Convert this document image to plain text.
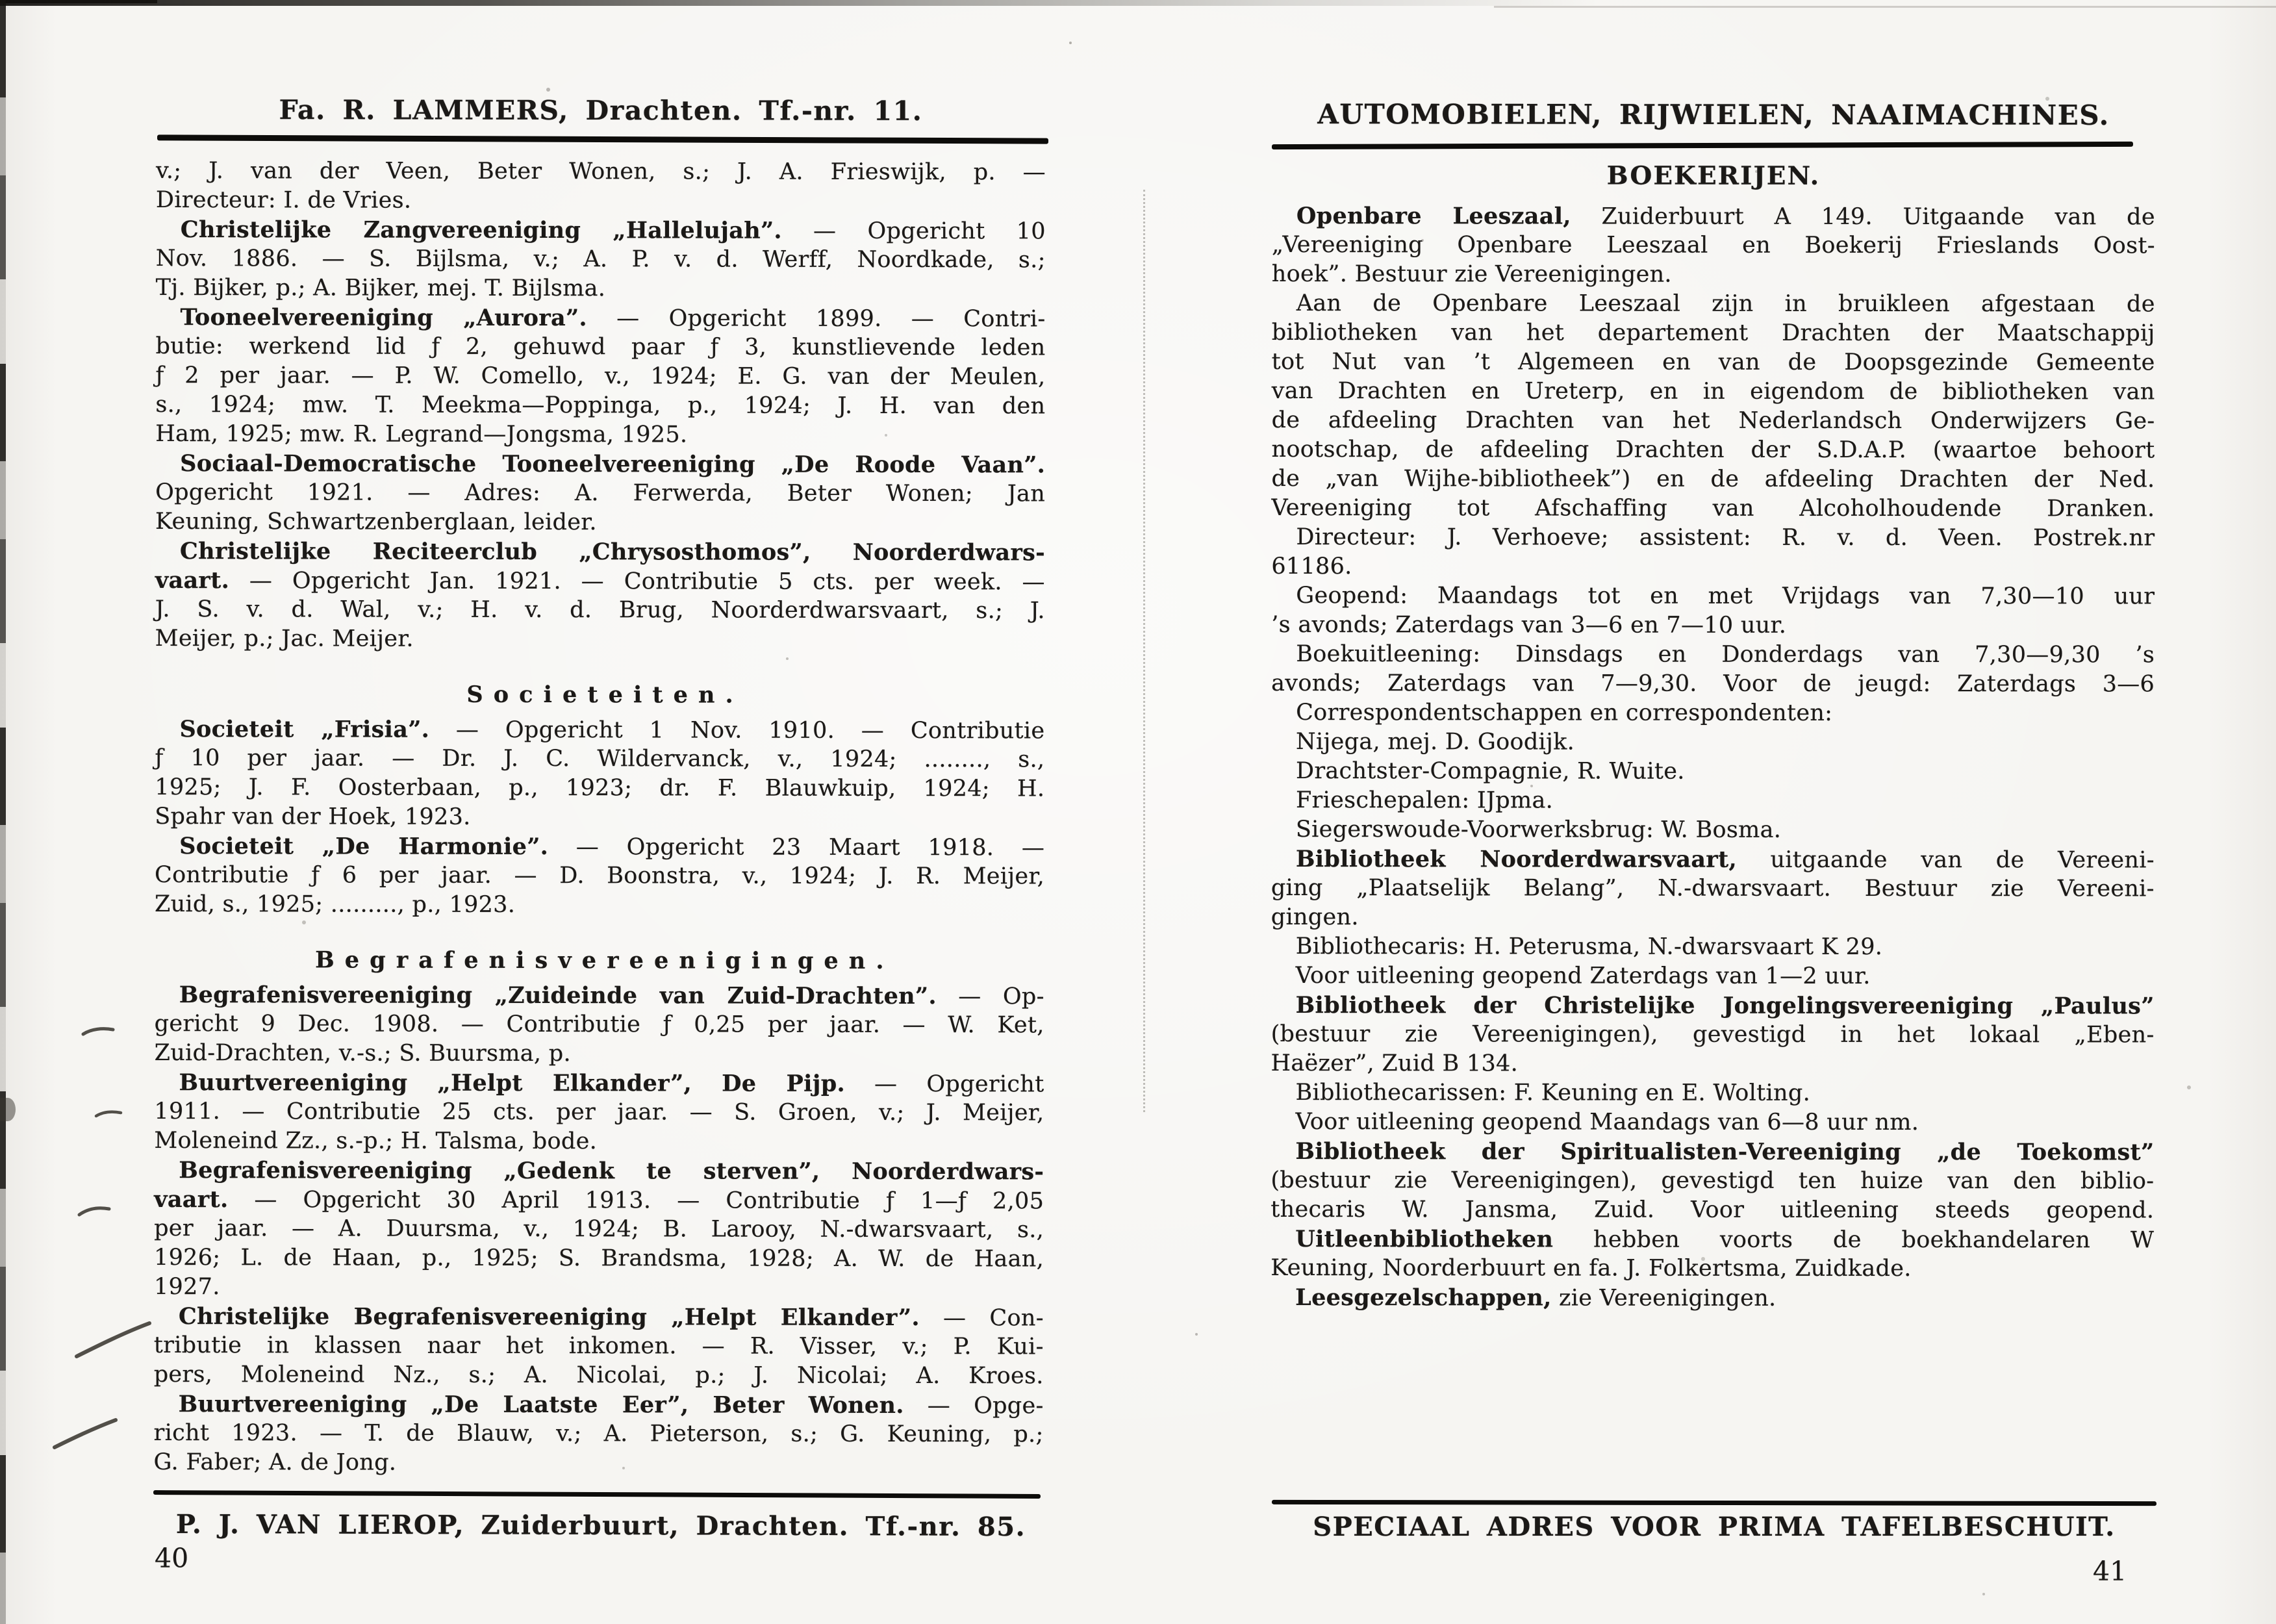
Fa. R. LAMMERS, Drachten. Tf.-nr. 11.
v.; J. van der Veen, Beter Wonen, s.; J. A. Frieswijk, p. —
Directeur: I. de Vries.
Christelijke Zangvereeniging „Hallelujah”. — Opgericht 10
Nov. 1886. — S. Bijlsma, v.; A. P. v. d. Werff, Noordkade, s.;
Tj. Bijker, p.; A. Bijker, mej. T. Bijlsma.
Tooneelvereeniging „Aurora”. — Opgericht 1899. — Contri-
butie: werkend lid ƒ 2, gehuwd paar ƒ 3, kunstlievende leden
ƒ 2 per jaar. — P. W. Comello, v., 1924; E. G. van der Meulen,
s., 1924; mw. T. Meekma—Poppinga, p., 1924; J. H. van den
Ham, 1925; mw. R. Legrand—Jongsma, 1925.
Sociaal-Democratische Tooneelvereeniging „De Roode Vaan”.
Opgericht 1921. — Adres: A. Ferwerda, Beter Wonen; Jan
Keuning, Schwartzenberglaan, leider.
Christelijke Reciteerclub „Chrysosthomos”, Noorderdwars-
vaart. — Opgericht Jan. 1921. — Contributie 5 cts. per week. —
J. S. v. d. Wal, v.; H. v. d. Brug, Noorderdwarsvaart, s.; J.
Meijer, p.; Jac. Meijer.
Societeiten.
Societeit „Frisia”. — Opgericht 1 Nov. 1910. — Contributie
ƒ 10 per jaar. — Dr. J. C. Wildervanck, v., 1924; ........, s.,
1925; J. F. Oosterbaan, p., 1923; dr. F. Blauwkuip, 1924; H.
Spahr van der Hoek, 1923.
Societeit „De Harmonie”. — Opgericht 23 Maart 1918. —
Contributie ƒ 6 per jaar. — D. Boonstra, v., 1924; J. R. Meijer,
Zuid, s., 1925; ........., p., 1923.
Begrafenisvereenigingen.
Begrafenisvereeniging „Zuideinde van Zuid-Drachten”. — Op-
gericht 9 Dec. 1908. — Contributie ƒ 0,25 per jaar. — W. Ket,
Zuid-Drachten, v.-s.; S. Buursma, p.
Buurtvereeniging „Helpt Elkander”, De Pijp. — Opgericht
1911. — Contributie 25 cts. per jaar. — S. Groen, v.; J. Meijer,
Moleneind Zz., s.-p.; H. Talsma, bode.
Begrafenisvereeniging „Gedenk te sterven”, Noorderdwars-
vaart. — Opgericht 30 April 1913. — Contributie ƒ 1—ƒ 2,05
per jaar. — A. Duursma, v., 1924; B. Larooy, N.-dwarsvaart, s.,
1926; L. de Haan, p., 1925; S. Brandsma, 1928; A. W. de Haan,
1927.
Christelijke Begrafenisvereeniging „Helpt Elkander”. — Con-
tributie in klassen naar het inkomen. — R. Visser, v.; P. Kui-
pers, Moleneind Nz., s.; A. Nicolai, p.; J. Nicolai; A. Kroes.
Buurtvereeniging „De Laatste Eer”, Beter Wonen. — Opge-
richt 1923. — T. de Blauw, v.; A. Pieterson, s.; G. Keuning, p.;
G. Faber; A. de Jong.
P. J. VAN LIEROP, Zuiderbuurt, Drachten. Tf.-nr. 85.
40
AUTOMOBIELEN, RIJWIELEN, NAAIMACHINES.
BOEKERIJEN.
Openbare Leeszaal, Zuiderbuurt A 149. Uitgaande van de
„Vereeniging Openbare Leeszaal en Boekerij Frieslands Oost-
hoek”. Bestuur zie Vereenigingen.
Aan de Openbare Leeszaal zijn in bruikleen afgestaan de
bibliotheken van het departement Drachten der Maatschappij
tot Nut van ’t Algemeen en van de Doopsgezinde Gemeente
van Drachten en Ureterp, en in eigendom de bibliotheken van
de afdeeling Drachten van het Nederlandsch Onderwijzers Ge-
nootschap, de afdeeling Drachten der S.D.A.P. (waartoe behoort
de „van Wijhe-bibliotheek”) en de afdeeling Drachten der Ned.
Vereeniging tot Afschaffing van Alcoholhoudende Dranken.
Directeur: J. Verhoeve; assistent: R. v. d. Veen. Postrek.nr
61186.
Geopend: Maandags tot en met Vrijdags van 7,30—10 uur
’s avonds; Zaterdags van 3—6 en 7—10 uur.
Boekuitleening: Dinsdags en Donderdags van 7,30—9,30 ’s
avonds; Zaterdags van 7—9,30. Voor de jeugd: Zaterdags 3—6
Correspondentschappen en correspondenten:
Nijega, mej. D. Goodijk.
Drachtster-Compagnie, R. Wuite.
Frieschepalen: IJpma.
Siegerswoude-Voorwerksbrug: W. Bosma.
Bibliotheek Noorderdwarsvaart, uitgaande van de Vereeni-
ging „Plaatselijk Belang”, N.-dwarsvaart. Bestuur zie Vereeni-
gingen.
Bibliothecaris: H. Peterusma, N.-dwarsvaart K 29.
Voor uitleening geopend Zaterdags van 1—2 uur.
Bibliotheek der Christelijke Jongelingsvereeniging „Paulus”
(bestuur zie Vereenigingen), gevestigd in het lokaal „Eben-
Haëzer”, Zuid B 134.
Bibliothecarissen: F. Keuning en E. Wolting.
Voor uitleening geopend Maandags van 6—8 uur nm.
Bibliotheek der Spiritualisten-Vereeniging „de Toekomst”
(bestuur zie Vereenigingen), gevestigd ten huize van den biblio-
thecaris W. Jansma, Zuid. Voor uitleening steeds geopend.
Uitleenbibliotheken hebben voorts de boekhandelaren W
Keuning, Noorderbuurt en fa. J. Folkertsma, Zuidkade.
Leesgezelschappen, zie Vereenigingen.
SPECIAAL ADRES VOOR PRIMA TAFELBESCHUIT.
41
